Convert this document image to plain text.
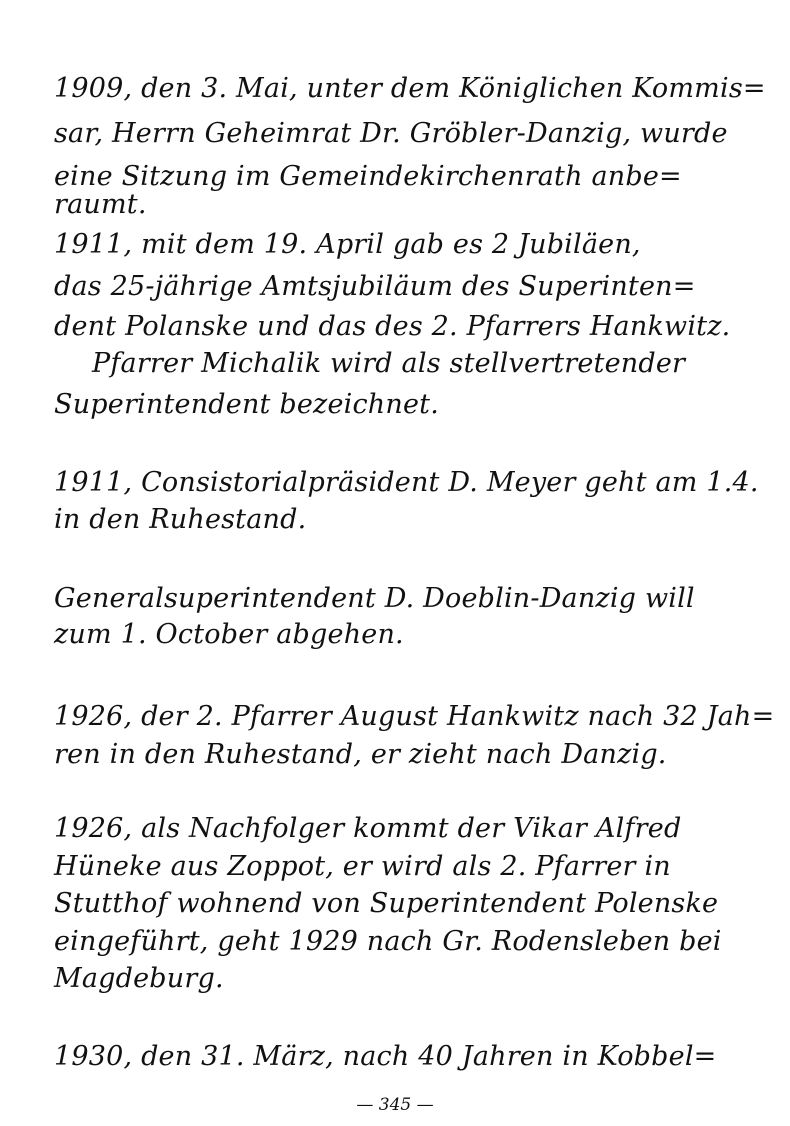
1909, den 3. Mai, unter dem Königlichen Kommis=
sar, Herrn Geheimrat Dr. Gröbler-Danzig, wurde
eine Sitzung im Gemeindekirchenrath anbe=
raumt.
1911, mit dem 19. April gab es 2 Jubiläen,
das 25-jährige Amtsjubiläum des Superinten=
dent Polanske und das des 2. Pfarrers Hankwitz.
Pfarrer Michalik wird als stellvertretender
Superintendent bezeichnet.
1911, Consistorialpräsident D. Meyer geht am 1.4.
in den Ruhestand.
Generalsuperintendent D. Doeblin-Danzig will
zum 1. October abgehen.
1926, der 2. Pfarrer August Hankwitz nach 32 Jah=
ren in den Ruhestand, er zieht nach Danzig.
1926, als Nachfolger kommt der Vikar Alfred
Hüneke aus Zoppot, er wird als 2. Pfarrer in
Stutthof wohnend von Superintendent Polenske
eingeführt, geht 1929 nach Gr. Rodensleben bei
Magdeburg.
1930, den 31. März, nach 40 Jahren in Kobbel=
— 345 —
